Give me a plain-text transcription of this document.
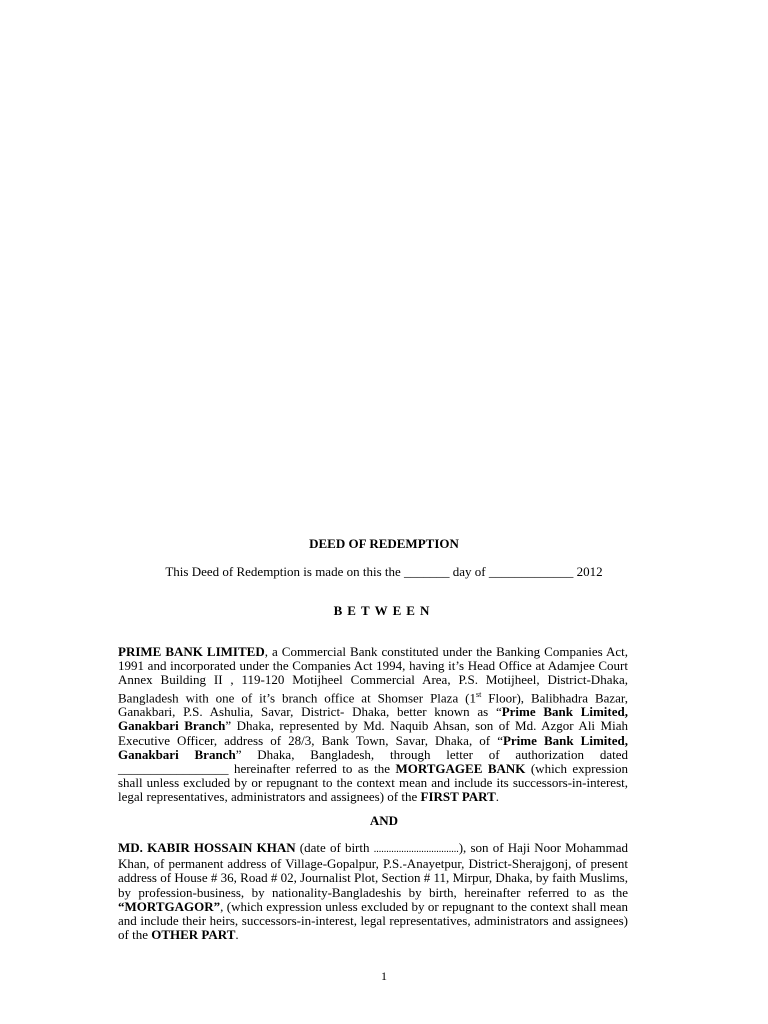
DEED OF REDEMPTION
This Deed of Redemption is made on this the _______ day of _____________ 2012
BETWEEN

PRIME BANK LIMITED, a Commercial Bank constituted under the Banking Companies Act, 1991 and incorporated under the Companies Act 1994, having it’s Head Office at Adamjee Court Annex Building II , 119-120 Motijheel Commercial Area, P.S. Motijheel, District-Dhaka, Bangladesh with one of it’s branch office at Shomser Plaza (1st Floor), Balibhadra Bazar, Ganakbari, P.S. Ashulia, Savar, District- Dhaka, better known as “Prime Bank Limited, Ganakbari Branch” Dhaka, represented by Md. Naquib Ahsan, son of Md. Azgor Ali Miah Executive Officer, address of 28/3, Bank Town, Savar, Dhaka, of “Prime Bank Limited, Ganakbari Branch” Dhaka, Bangladesh, through letter of authorization dated _________________ hereinafter referred to as the MORTGAGEE BANK (which expression shall unless excluded by or repugnant to the context mean and include its successors-in-interest, legal representatives, administrators and assignees) of the FIRST PART.

AND

MD. KABIR HOSSAIN KHAN (date of birth ..................................), son of Haji Noor Mohammad Khan, of permanent address of Village-Gopalpur, P.S.-Anayetpur, District-Sherajgonj, of present address of House # 36, Road # 02, Journalist Plot, Section # 11, Mirpur, Dhaka, by faith Muslims, by profession-business, by nationality-Bangladeshis by birth, hereinafter referred to as the “MORTGAGOR”, (which expression unless excluded by or repugnant to the context shall mean and include their heirs, successors-in-interest, legal representatives, administrators and assignees) of the OTHER PART.

1
